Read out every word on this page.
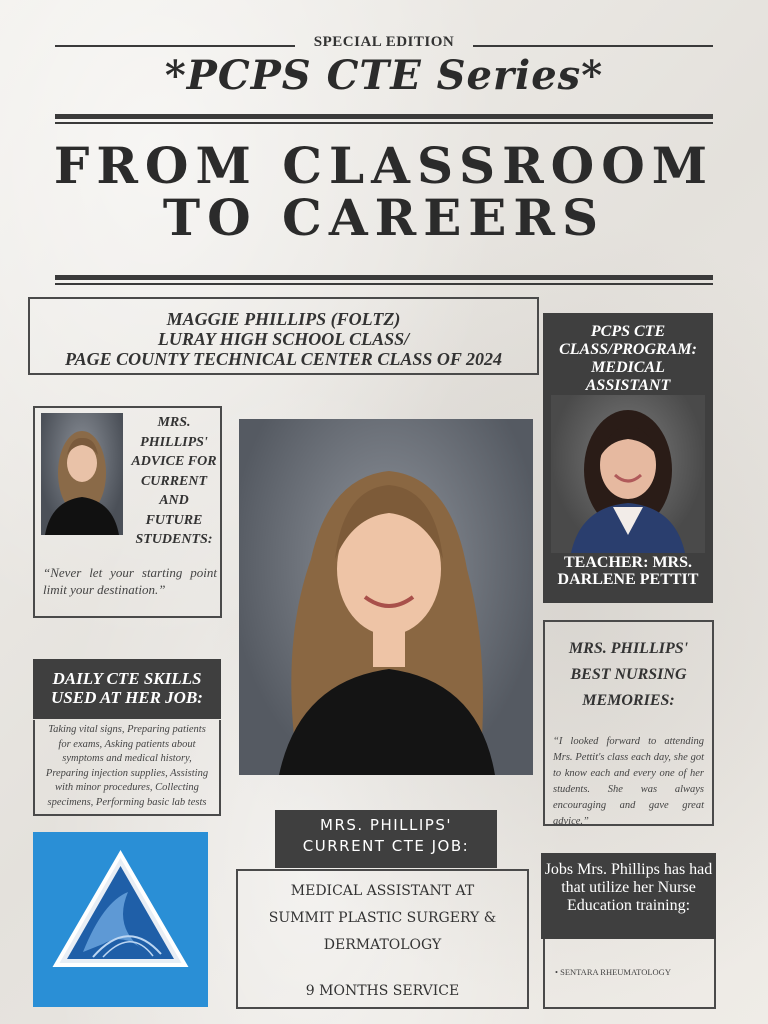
SPECIAL EDITION
*PCPS CTE Series*
FROM CLASSROOM
TO CAREERS
MAGGIE PHILLIPS (FOLTZ)
LURAY HIGH SCHOOL CLASS/
PAGE COUNTY TECHNICAL CENTER CLASS OF 2024
PCPS CTE
CLASS/PROGRAM:
MEDICAL
ASSISTANT
TEACHER: MRS.
DARLENE PETTIT
MRS.
PHILLIPS'
ADVICE FOR
CURRENT
AND
FUTURE
STUDENTS:
“Never let your starting point limit your destination.”
DAILY CTE SKILLS
USED AT HER JOB:
Taking vital signs, Preparing patients for exams, Asking patients about symptoms and medical history, Preparing injection supplies, Assisting with minor procedures, Collecting specimens, Performing basic lab tests
MRS. PHILLIPS'
BEST NURSING
MEMORIES:
“I looked forward to attending Mrs. Pettit's class each day, she got to know each and every one of her students. She was always encouraging and gave great advice.”
MRS. PHILLIPS'
CURRENT CTE JOB:
MEDICAL ASSISTANT AT
SUMMIT PLASTIC SURGERY &
DERMATOLOGY
9 MONTHS SERVICE
Jobs Mrs. Phillips has had that utilize her Nurse Education training:
• SENTARA RHEUMATOLOGY
